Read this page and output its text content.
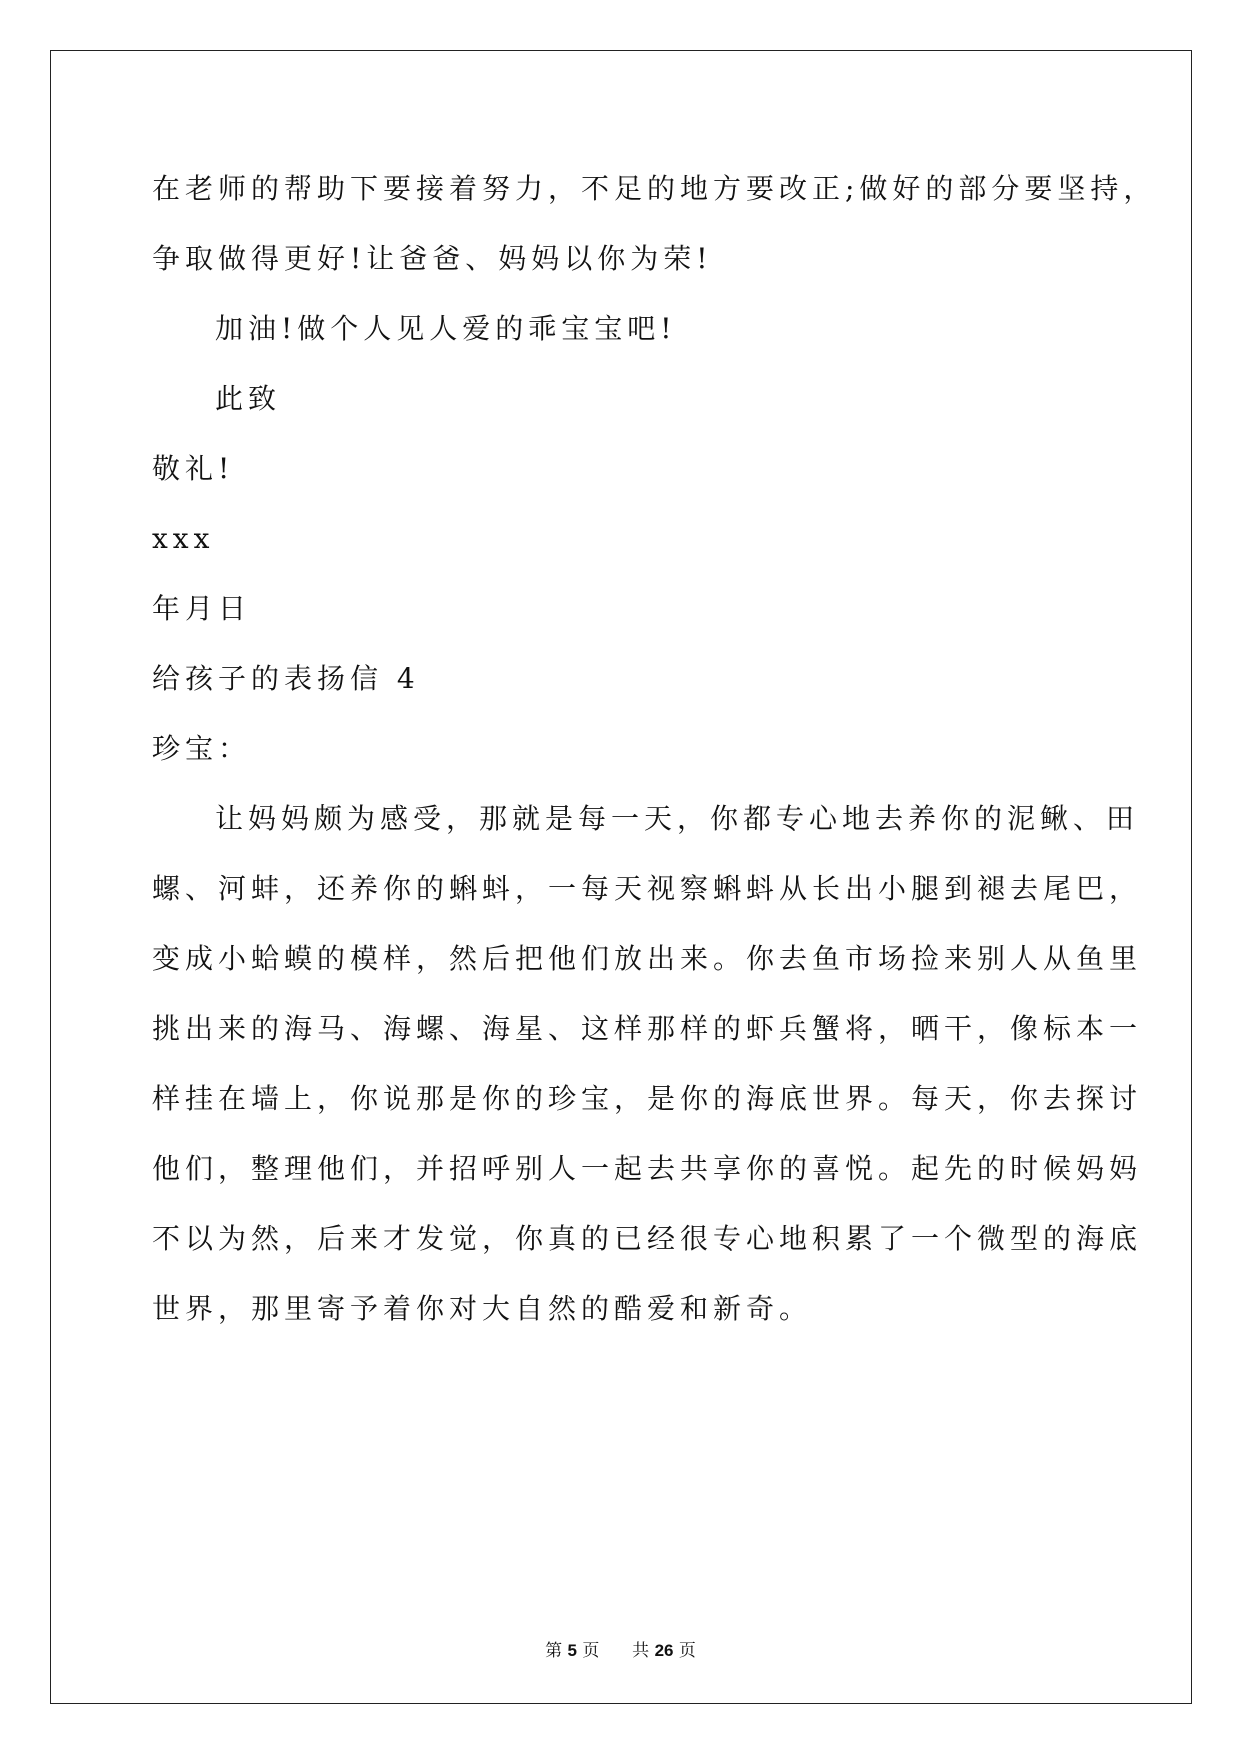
在老师的帮助下要接着努力，不足的地方要改正;做好的部分要坚持，
争取做得更好!让爸爸、妈妈以你为荣!
加油!做个人见人爱的乖宝宝吧!
此致
敬礼!
xxx
年月日
给孩子的表扬信 4
珍宝：
让妈妈颇为感受，那就是每一天，你都专心地去养你的泥鳅、田
螺、河蚌，还养你的蝌蚪，一每天视察蝌蚪从长出小腿到褪去尾巴，
变成小蛤蟆的模样，然后把他们放出来。你去鱼市场捡来别人从鱼里
挑出来的海马、海螺、海星、这样那样的虾兵蟹将，晒干，像标本一
样挂在墙上，你说那是你的珍宝，是你的海底世界。每天，你去探讨
他们，整理他们，并招呼别人一起去共享你的喜悦。起先的时候妈妈
不以为然，后来才发觉，你真的已经很专心地积累了一个微型的海底
世界，那里寄予着你对大自然的酷爱和新奇。
第 5 页 共 26 页
